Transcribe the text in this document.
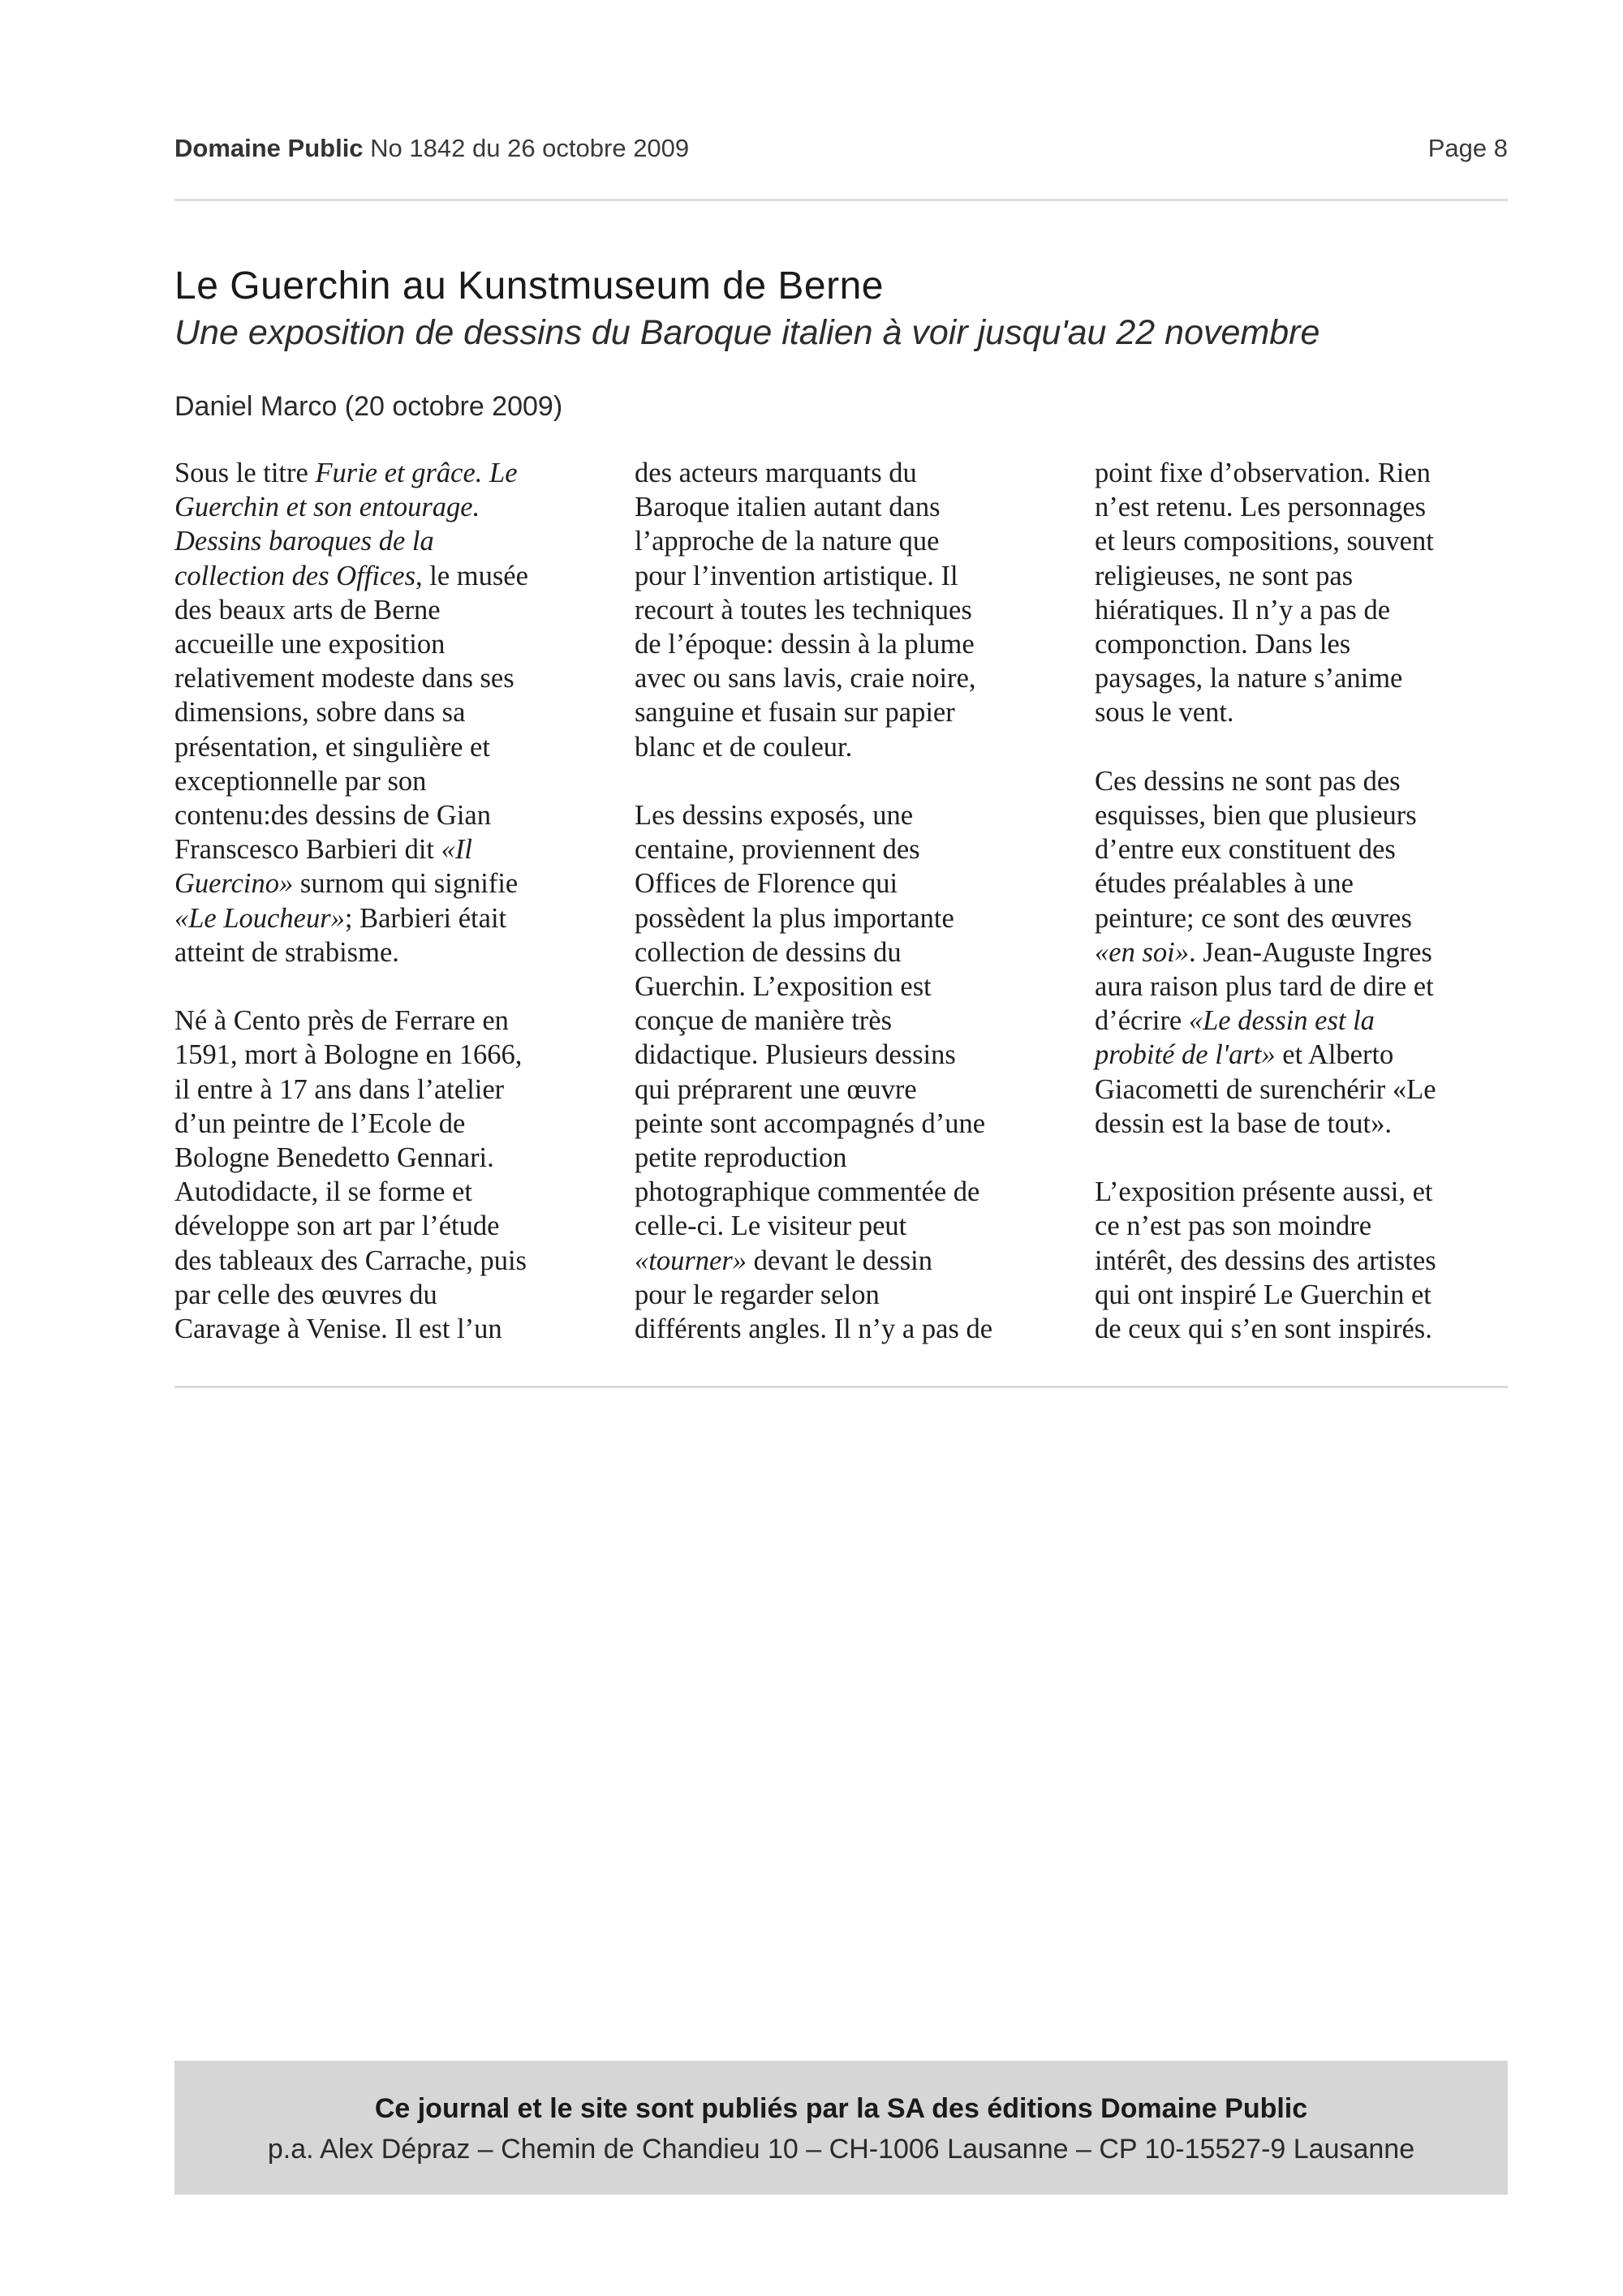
Domaine Public No 1842 du 26 octobre 2009	Page 8
Le Guerchin au Kunstmuseum de Berne
Une exposition de dessins du Baroque italien à voir jusqu'au 22 novembre
Daniel Marco (20 octobre 2009)

Sous le titre Furie et grâce. Le
Guerchin et son entourage.
Dessins baroques de la
collection des Offices, le musée
des beaux arts de Berne
accueille une exposition
relativement modeste dans ses
dimensions, sobre dans sa
présentation, et singulière et
exceptionnelle par son
contenu:des dessins de Gian
Franscesco Barbieri dit «Il
Guercino» surnom qui signifie
«Le Loucheur»; Barbieri était
atteint de strabisme.

Né à Cento près de Ferrare en
1591, mort à Bologne en 1666,
il entre à 17 ans dans l’atelier
d’un peintre de l’Ecole de
Bologne Benedetto Gennari.
Autodidacte, il se forme et
développe son art par l’étude
des tableaux des Carrache, puis
par celle des œuvres du
Caravage à Venise. Il est l’un

des acteurs marquants du
Baroque italien autant dans
l’approche de la nature que
pour l’invention artistique. Il
recourt à toutes les techniques
de l’époque: dessin à la plume
avec ou sans lavis, craie noire,
sanguine et fusain sur papier
blanc et de couleur.

Les dessins exposés, une
centaine, proviennent des
Offices de Florence qui
possèdent la plus importante
collection de dessins du
Guerchin. L’exposition est
conçue de manière très
didactique. Plusieurs dessins
qui préprarent une œuvre
peinte sont accompagnés d’une
petite reproduction
photographique commentée de
celle-ci. Le visiteur peut
«tourner» devant le dessin
pour le regarder selon
différents angles. Il n’y a pas de

point fixe d’observation. Rien
n’est retenu. Les personnages
et leurs compositions, souvent
religieuses, ne sont pas
hiératiques. Il n’y a pas de
componction. Dans les
paysages, la nature s’anime
sous le vent.

Ces dessins ne sont pas des
esquisses, bien que plusieurs
d’entre eux constituent des
études préalables à une
peinture; ce sont des œuvres
«en soi». Jean-Auguste Ingres
aura raison plus tard de dire et
d’écrire «Le dessin est la
probité de l'art» et Alberto
Giacometti de surenchérir «Le
dessin est la base de tout».

L’exposition présente aussi, et
ce n’est pas son moindre
intérêt, des dessins des artistes
qui ont inspiré Le Guerchin et
de ceux qui s’en sont inspirés.

Ce journal et le site sont publiés par la SA des éditions Domaine Public
p.a. Alex Dépraz – Chemin de Chandieu 10 – CH-1006 Lausanne – CP 10-15527-9 Lausanne
